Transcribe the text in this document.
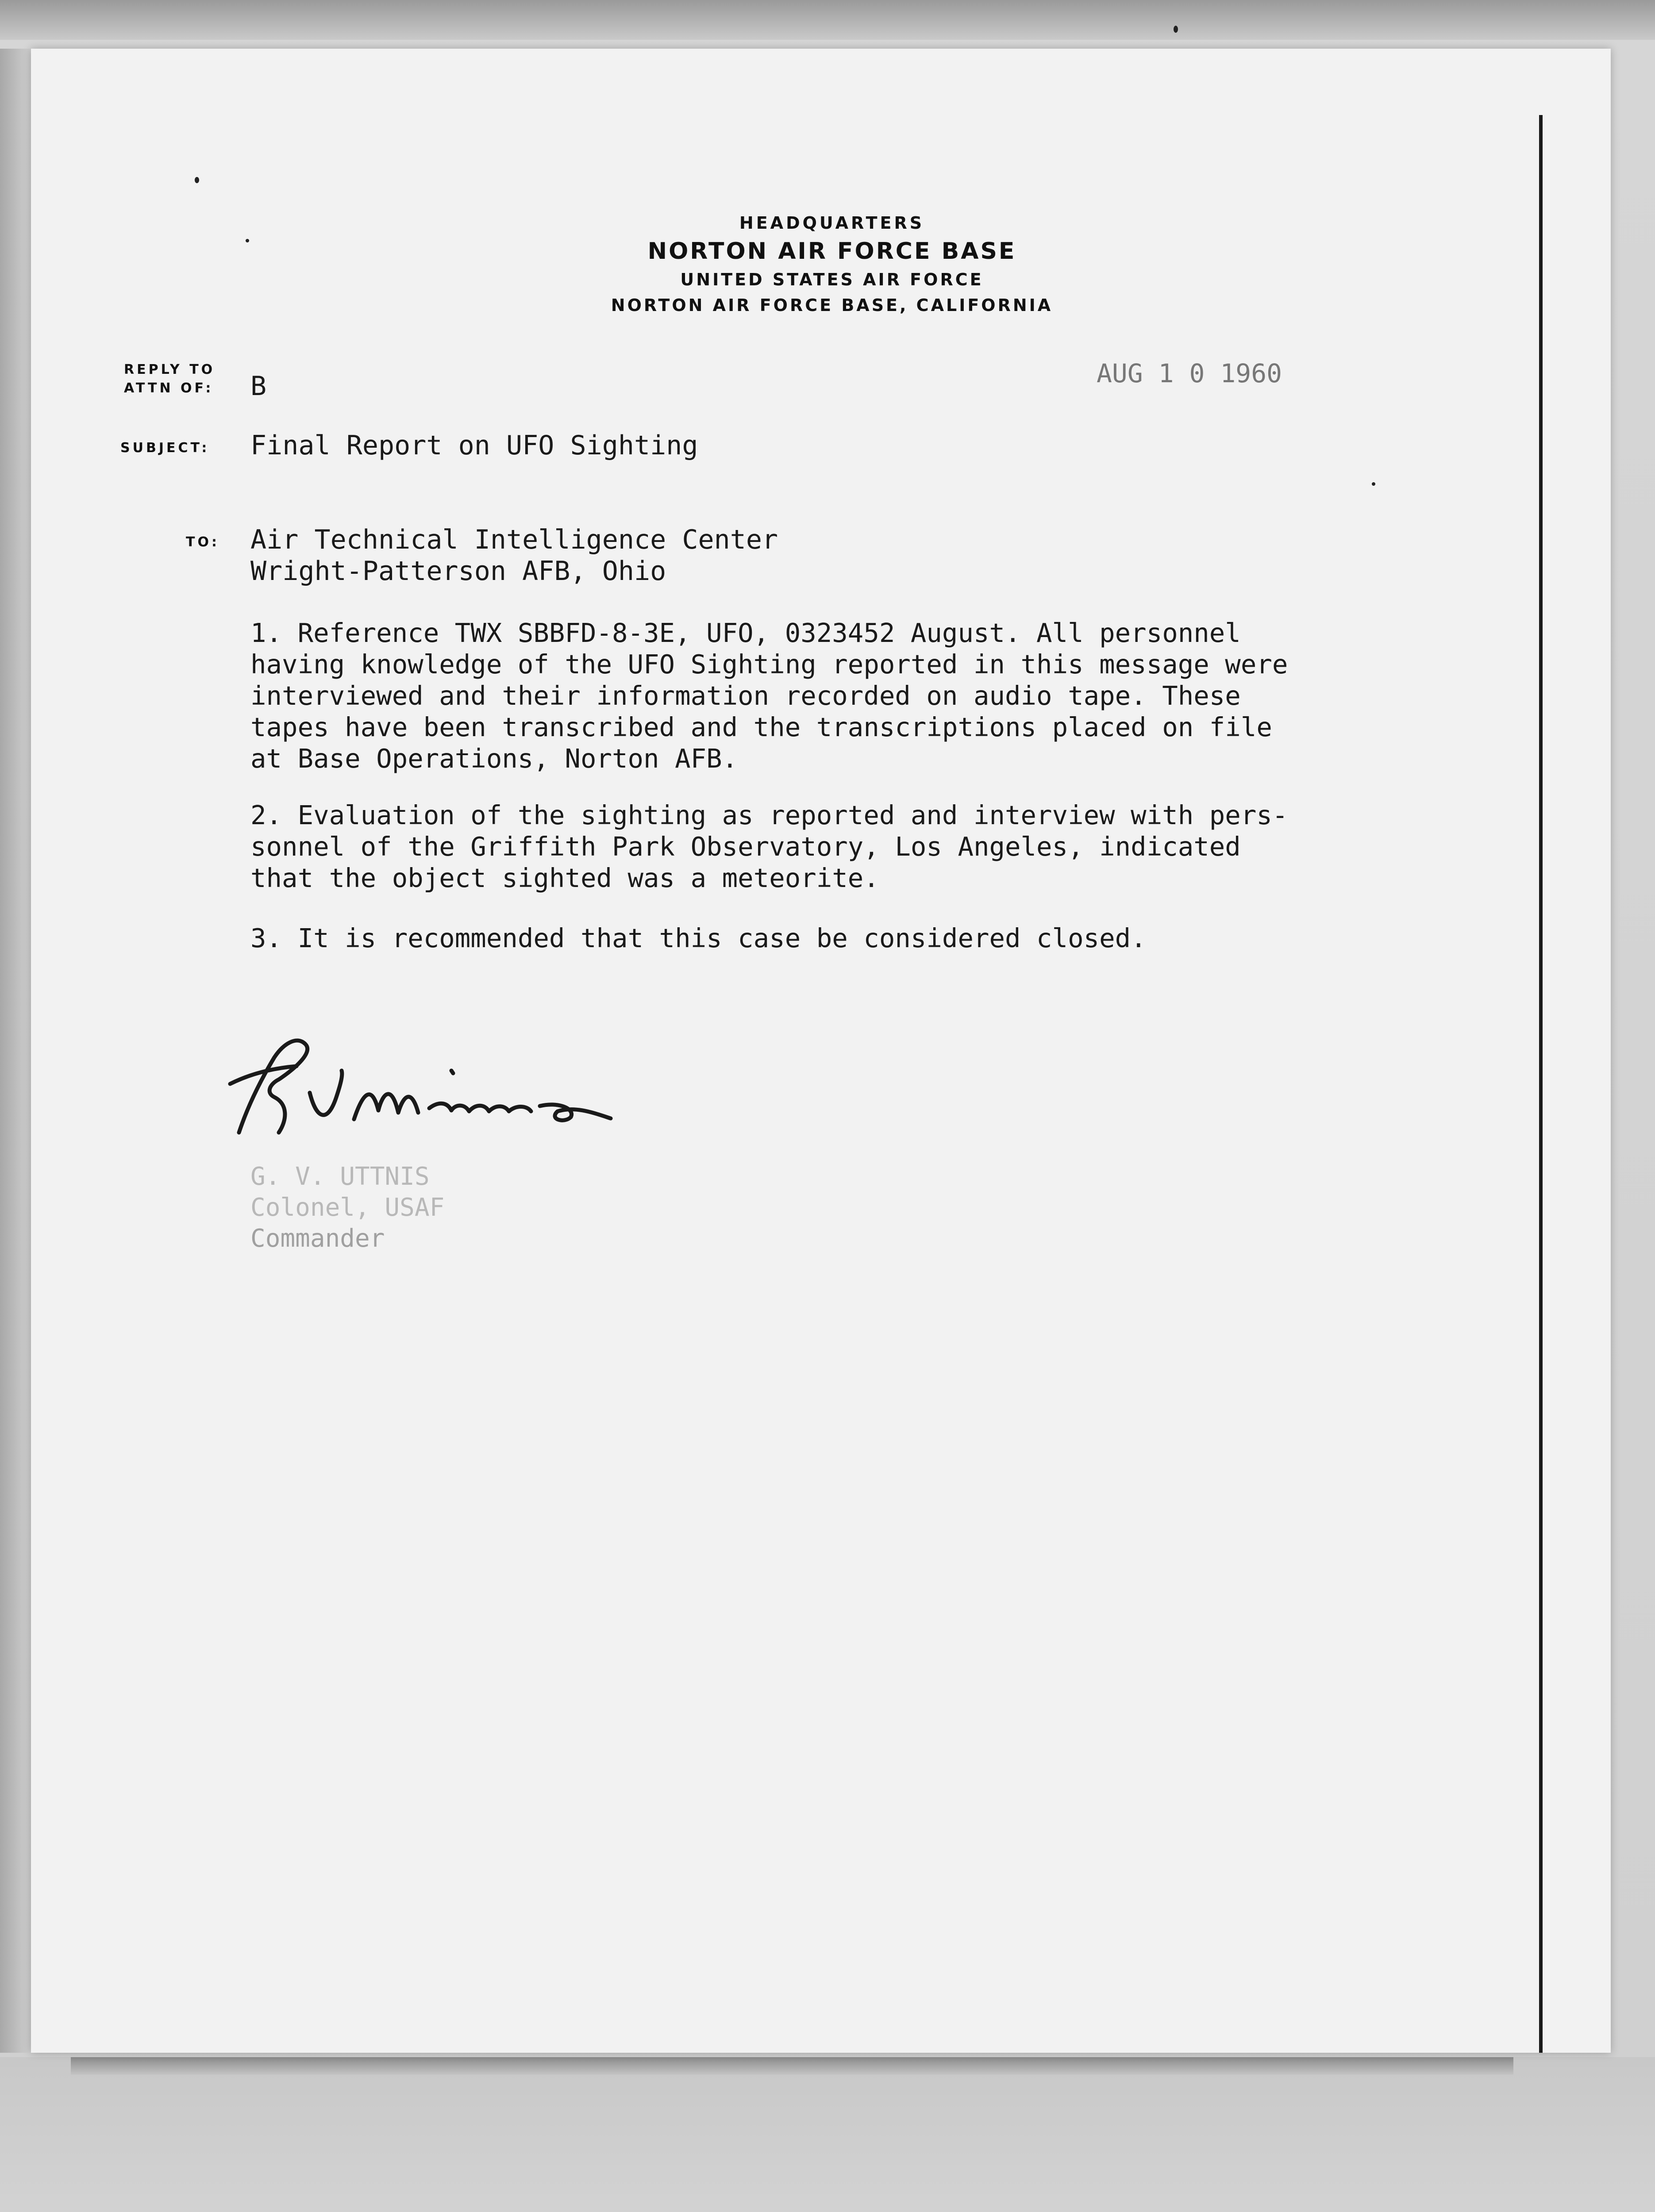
HEADQUARTERS
NORTON AIR FORCE BASE
UNITED STATES AIR FORCE
NORTON AIR FORCE BASE, CALIFORNIA
REPLY TO
ATTN OF: B	AUG 1 0 1960
SUBJECT: Final Report on UFO Sighting
TO: Air Technical Intelligence Center
Wright-Patterson AFB, Ohio
1. Reference TWX SBBFD-8-3E, UFO, 0323452 August. All personnel
having knowledge of the UFO Sighting reported in this message were
interviewed and their information recorded on audio tape. These
tapes have been transcribed and the transcriptions placed on file
at Base Operations, Norton AFB.
2. Evaluation of the sighting as reported and interview with pers-
sonnel of the Griffith Park Observatory, Los Angeles, indicated
that the object sighted was a meteorite.
3. It is recommended that this case be considered closed.
G. V. UTTNIS
Colonel, USAF
Commander
